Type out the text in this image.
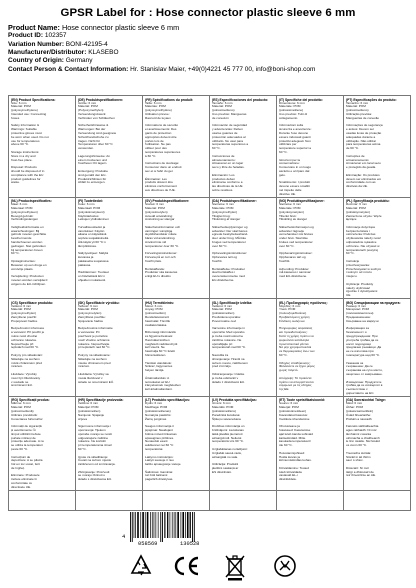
GPSR Label for : Hose connector plastic sleeve 6 mm
Product Name: Hose connector plastic sleeve 6 mm
Product ID: 102357
Variation Number: BONI-42195-4
Manufacturer/Distributor: KLASEBO
Country of Origin: Germany
Contact Person & Contact Information: Hr. Stanislav Maier, +49(0)4221 45 777 00, info@boni-shop.com
(EN) Product Specifications:
Size: 6 mm
Material: POM
(polyoxymethylene)
Intended use: Connecting
hoses

Safety Information &
Warnings: Suitable
protective gloves must
be worn when used. Do not
use for temperatures
above 60 °C.

Storage instructions:
Store in a dry and
frost-free place.

Disposal: Products
should be disposed of in
compliance with the EU
product guidelines for
waste.
(DE) Produktspezifikationen:
Größe: 6 mm
Material: POM
(Polyoxymethylen)
Verwendungszweck:
Verbinden von Schläuchen

Sicherheitshinweise &
Warnungen: Bei der
Verwendung sind geeignete
Schutzhandschuhe zu
tragen. Nicht für
Temperaturen über 60 °C
verwenden.

Lagerungshinweise: An
einem trockenen und
frostfreien Ort lagern.

Entsorgung: Produkte
sind gemäß den EU-
Produktrichtlinien für
Abfall zu entsorgen.
(FR) Spécifications du produit:
Taille: 6 mm
Matériau: POM
(polyoxyméthylène)
Utilisation prévue:
Raccord de tuyaux

Informations de sécurité
et avertissements: Des
gants de protection
appropriés doivent être
portés lors de
l'utilisation. Ne pas
utiliser pour des
températures supérieures
à 60 °C.

Instructions de stockage:
Conserver dans un endroit
sec et à l'abri du gel.

Élimination: Les
produits doivent être
éliminés conformément
aux directives de l'UE.
(ES) Especificaciones del producto:
Tamaño: 6 mm
Material: POM
(polioximetileno)
Uso previsto: Mangueras
de conexión

Información de seguridad
y advertencias: Deben
usarse guantes de
protección adecuados al
utilizarlo. No usar para
temperaturas superiores a
60 °C.

Instrucciones de
almacenamiento:
Almacenar en un lugar
seco y libre de heladas.

Eliminación: Los
productos deben
eliminarse conforme a
las directivas de la UE
sobre residuos.
(IT) Specifiche del prodotto:
Dimensione: 6 mm
Materiale: POM
(poliossimetilene)
Uso previsto: Tubi di
collegamento

Informazioni sulla
sicurezza e avvertenze:
Durante l'uso devono
essere indossati guanti
protettivi adeguati. Non
utilizzare per
temperature superiori a
60 °C.

Istruzioni per la
conservazione:
Conservare in un luogo
asciutto e al riparo dal
gelo.

Smaltimento: I prodotti
devono essere smaltiti
nel rispetto delle
direttive UE.
(PT) Especificações do produto:
Tamanho: 6 mm
Material: POM
(polioximetileno)
Utilização prevista:
Mangueiras de conexão

Informações de segurança
e avisos: Devem ser
usadas luvas de proteção
adequadas durante a
utilização. Não utilizar
para temperaturas acima
de 60 °C.

Instruções de
armazenamento:
Armazenar em local seco
e protegido da geada.

Eliminação: Os produtos
devem ser eliminados em
conformidade com as
diretivas da UE.
(NL) Productspecificaties:
Maat: 6 mm
Materiaal: POM
(polyoxymethyleen)
Beoogd gebruik:
Verbindingsslangen

Veiligheidsinformatie en
waarschuwingen: Bij
gebruik moeten geschikte
beschermende
handschoenen worden
gedragen. Niet gebruiken
bij temperaturen boven
60 °C.

Opslaginstructies:
Bewaren op een droge en
vorstvrije plaats.

Verwijdering: Producten
moeten worden verwijderd
volgens de EU-richtlijnen.
(FI) Tuotetiedot:
Koko: 6 mm
Materiaali: POM
(polyoksimetyleeni)
Käyttötarkoitus:
Letkujen yhdistäminen

Turvallisuustiedot ja
varoitukset: Käytön
aikana on käytettävä
sopivia suojakäsineitä.
Älä käytä yli 60 °C:n
lämpötiloissa.

Säilytysohjeet: Säilytä
kuivassa ja
pakkaselta suojatussa
paikassa.

Hävittäminen: Tuotteet
on hävitettävä EU:n
ohjeiden mukaisesti.
(SV) Produktspecifikationer:
Storlek: 6 mm
Material: POM
(polyoximetylen)
Avsedd användning:
Anslutning av slangar

Säkerhetsinformation och
varningar: Lämpliga
skyddshandskar måste
bäras vid användning.
Använd inte vid
temperaturer över 60 °C.

Förvaringsinstruktioner:
Förvara på en torr och
frostfri plats.

Bortskaffande:
Produkter ska kasseras
enligt EU:s direktiv.
(DA) Produktspecifikationer:
Størrelse: 6 mm
Materiale: POM
(polyoxymethylen)
Tilsigtet brug:
Tilslutning af slanger

Sikkerhedsoplysninger og
advarsler: Der skal bæres
egnede beskyttelseshand-
sker under brug. Må ikke
bruges ved temperaturer
over 60 °C.

Opbevaringsinstruktioner:
Opbevares tørt og
frostfrit.

Bortskaffelse: Produkter
skal bortskaffes i
overensstemmelse med
EU-direktiverne.
(NO) Produktspesifikasjoner:
Størrelse: 6 mm
Materiale: POM
(polyoksymetylen)
Tiltenkt bruk:
Tilkobling av slanger

Sikkerhetsinformasjon og
advarsler: Egnede
vernehansker må brukes
under bruk. Skal ikke
brukes ved temperaturer
over 60 °C.

Oppbevaringsinstrukser:
Oppbevares tørt og
frostfritt.

Avhending: Produkter
må kasseres i samsvar
med EU-direktivene.
(PL) Specyfikacja produktu:
Rozmiar: 6 mm
Materiał: POM
(polioksymetylen)
Zamierzone użycie: Węże
łączące

Informacje dotyczące
bezpieczeństwa i
ostrzeżenia: Podczas
użytkowania należy nosić
odpowiednie rękawice
ochronne. Nie używać w
temperaturach powyżej
60 °C.

Instrukcje
przechowywania:
Przechowywać w suchym
i wolnym od mrozu
miejscu.

Utylizacja: Produkty
należy utylizować
zgodnie z dyrektywami
UE.
(CS) Specifikace produktu:
Velikost: 6 mm
Materiál: POM
(polyoxymethylen)
Zamýšlené použití:
Propojovací hadice

Bezpečnostní informace
a varování: Při použití je
nutné nosit vhodné
ochranné rukavice.
Nepoužívejte při
teplotách nad 60 °C.

Pokyny pro skladování:
Skladujte na suchém
místě chráněném před
mrazem.

Likvidace: Výrobky
musí být zlikvidovány
v souladu se
směrnicemi EU.
(SK) Špecifikácie výrobku:
Veľkosť: 6 mm
Materiál: POM
(polyoxymetylén)
Zamýšľané použitie:
Spojovacie hadice

Bezpečnostné informácie
a varovania: Pri
používaní je potrebné
nosiť vhodné ochranné
rukavice. Nepoužívajte
pri teplotách nad 60 °C.

Pokyny na skladovanie:
Skladujte na suchom
mieste chránenom pred
mrazom.

Likvidácia: Výrobky sa
musia likvidovať v
súlade so smernicami EÚ.
(HU) Termékleírás:
Méret: 6 mm
Anyag: POM
(polioximetilén)
Rendeltetésszerű
használat: Tömlők
csatlakoztatása

Biztonsági információk
és figyelmeztetések:
Használat közben
megfelelő védőkesztyűt
kell viselni. Ne
használja 60 °C feletti
hőmérsékleten.

Tárolási utasítások:
Száraz, fagymentes
helyen tárolja.

Ártalmatlanítás: A
termékeket az EU
irányelveinek megfelelően
kell ártalmatlanítani.
(SL) Specifikacije izdelka:
Velikost: 6 mm
Material: POM
(polioksimetilen)
Predvidena uporaba:
Povezovalne cevi

Varnostne informacije in
opozorila: Med uporabo
je treba nositi ustrezne
zaščitne rokavice. Ne
uporabljajte pri
temperaturah nad 60 °C.

Navodila za
shranjevanje: Hraniti na
suhem mestu, zaščitenem
pred zmrzaljo.

Odstranjevanje: Izdelke
je treba odstraniti v
skladu z direktivami EU.
(EL) Προδιαγραφές προϊόντος:
Μέγεθος: 6 mm
Υλικό: POM
(πολυοξυμεθυλένιο)
Προβλεπόμενη χρήση:
Σύνδεση σωλήνων

Πληροφορίες ασφαλείας
και προειδοποιήσεις:
Κατά τη χρήση πρέπει να
φοριούνται κατάλληλα
προστατευτικά γάντια.
Να μην χρησιμοποιείται
σε θερμοκρασίες άνω των
60 °C.

Οδηγίες αποθήκευσης:
Φυλάσσετε σε ξηρό μέρος
χωρίς παγετό.

Απόρριψη: Τα προϊόντα
πρέπει να απορρίπτονται
σύμφωνα με τις οδηγίες
της ΕΕ.
(BG) Спецификации на продукта:
Размер: 6 mm
Материал: POM
(полиоксиметилен)
Предназначение:
Свързване на маркучи

Информация за
безопасност и
предупреждения: При
употреба трябва да се
носят подходящи
предпазни ръкавици. Да
не се използва при
температурa над 60 °C.

Указания за
съхранение: Да се
съхранява на сухо място,
защитено от замръзване.

Изхвърляне: Продуктите
трябва да се изхвърлят в
съответствие с
директивите на ЕС.
(RO) Specificații produs:
Mărime: 6 mm
Material: POM
(polioximetilenă)
Utilizare prevăzută:
Conectarea furtunurilor

Informații de siguranță
și avertismente: În
timpul utilizării trebuie
purtate mănuși de
protecție adecvate. A nu
se utiliza la temperaturi
peste 60 °C.

Instrucțiuni de
depozitare: A se păstra
într-un loc uscat, ferit
de îngheț.

Eliminare: Produsele
trebuie eliminate în
conformitate cu
directivele UE.
(HR) Specifikacije proizvoda:
Veličina: 6 mm
Materijal: POM
(polioksimetilen)
Namjena: Spajanje
crijeva

Sigurnosne informacije i
upozorenja: Tijekom
uporabe moraju se nositi
odgovarajuće zaštitne
rukavice. Ne koristiti
pri temperaturama iznad
60 °C.

Upute za skladištenje:
Čuvati na suhom mjestu
zaštićenom od smrzavanja.

Zbrinjavanje: Proizvodi
se moraju zbrinuti u
skladu s direktivama EU.
(LT) Produkto specifikacijos:
Dydis: 6 mm
Medžiaga: POM
(polioksimetilenas)
Numatyta paskirtis:
Žarnų jungimas

Saugos informacija ir
įspėjimai: Naudojant
būtina mūvėti tinkamas
apsaugines pirštines.
Nenaudoti esant
aukštesnei nei 60 °C
temperatūrai.

Laikymo instrukcijos:
Laikyti sausoje ir nuo
šalčio apsaugotoje vietoje.

Šalinimas: Gaminiai
turi būti šalinami
pagal ES direktyvas.
(LV) Produkta specifikācijas:
Izmērs: 6 mm
Materiāls: POM
(polioksimetilēns)
Paredzētā lietošana:
Šļūteņu savienošana

Drošības informācija un
brīdinājumi: Lietošanas
laikā jāvalkā piemēroti
aizsargcimdi. Nelietot
temperatūrā virs 60 °C.

Uzglabāšanas norādījumi:
Uzglabāt sausā vietā,
aizsargātā no sala.

Utilizācija: Produkti
jāutilizē saskaņā ar
ES direktīvām.
(ET) Toote spetsifikatsioonid:
Suurus: 6 mm
Materjal: POM
(polüoksümetüleen)
Kavandatud kasutus:
Voolikute ühendamine

Ohutusteave ja
hoiatused: Kasutamise
ajal tuleb kanda sobivaid
kaitsekindaid. Mitte
kasutada temperatuuril
üle 60 °C.

Hoiustamisjuhised:
Hoida kuivas ja
külmumiskindlas kohas.

Kõrvaldamine: Tooted
tuleb kõrvaldada
vastavalt EL-i
direktiividele.
(GA) Sonraíochtaí Táirge:
Méid: 6 mm
Ábhar: POM
(polaiocsaimeitiléin)
Úsáid bheartaithe:
Píobáin a nascadh

Faisnéis sábháilteachta
agus rabhaidh: Ní mór
lámhainní cosanta
oiriúnacha a chaitheamh
le linn úsáide. Ná húsáid
os cionn 60 °C.

Treoracha stórála:
Stóráil in áit thirim
saor ó shioc.

Diúscairt: Ní mór
táirgí a dhiúscairt de
réir threoirlínte an AE.
4
058569	130528
